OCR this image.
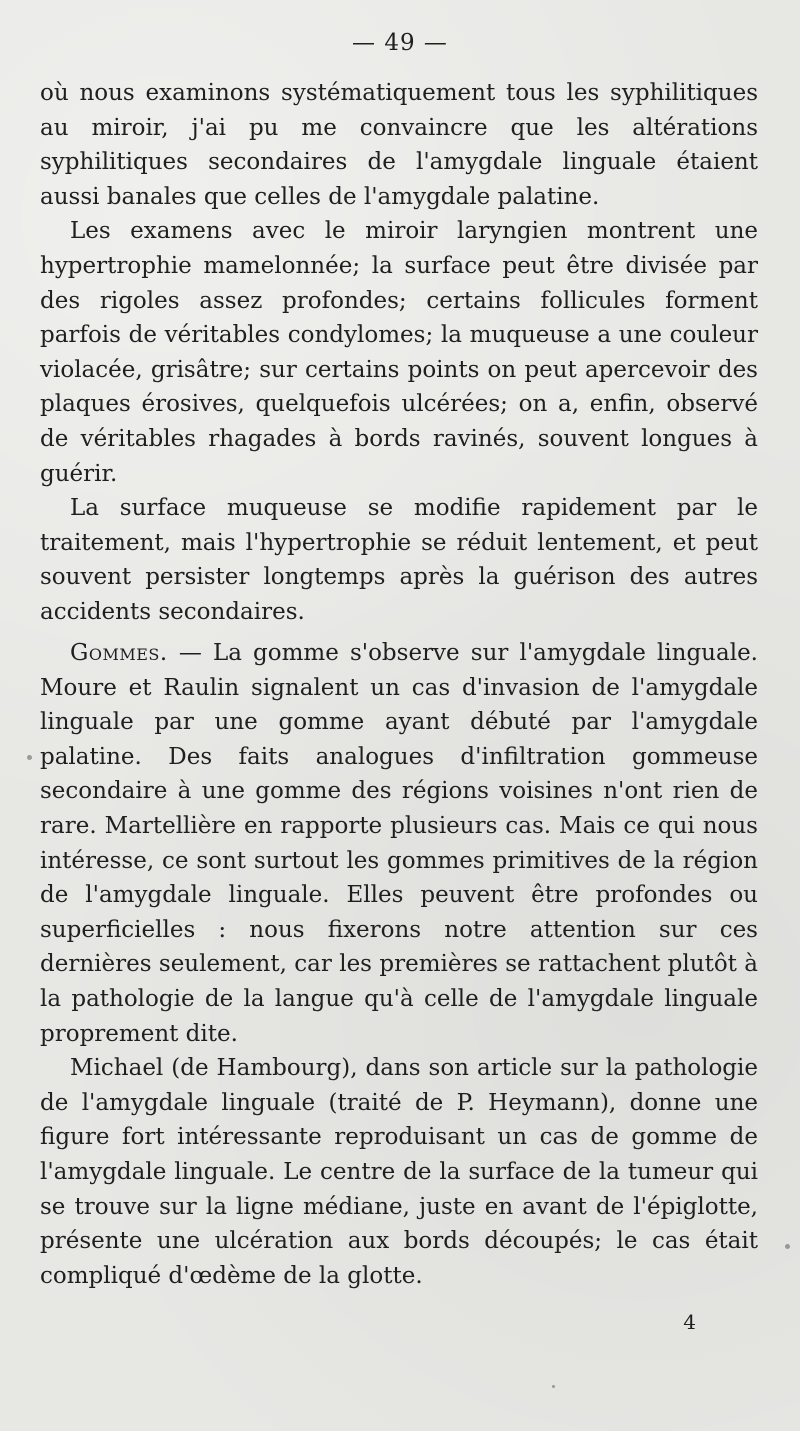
— 49 —

où nous examinons systématiquement tous les syphilitiques au miroir, j'ai pu me convaincre que les altérations syphilitiques secondaires de l'amygdale linguale étaient aussi banales que celles de l'amygdale palatine.

Les examens avec le miroir laryngien montrent une hypertrophie mamelonnée; la surface peut être divisée par des rigoles assez profondes; certains follicules forment parfois de véritables condylomes; la muqueuse a une couleur violacée, grisâtre; sur certains points on peut apercevoir des plaques érosives, quelquefois ulcérées; on a, enfin, observé de véritables rhagades à bords ravinés, souvent longues à guérir.

La surface muqueuse se modifie rapidement par le traitement, mais l'hypertrophie se réduit lentement, et peut souvent persister longtemps après la guérison des autres accidents secondaires.

Gommes. — La gomme s'observe sur l'amygdale linguale. Moure et Raulin signalent un cas d'invasion de l'amygdale linguale par une gomme ayant débuté par l'amygdale palatine. Des faits analogues d'infiltration gommeuse secondaire à une gomme des régions voisines n'ont rien de rare. Martellière en rapporte plusieurs cas. Mais ce qui nous intéresse, ce sont surtout les gommes primitives de la région de l'amygdale linguale. Elles peuvent être profondes ou superficielles : nous fixerons notre attention sur ces dernières seulement, car les premières se rattachent plutôt à la pathologie de la langue qu'à celle de l'amygdale linguale proprement dite.

Michael (de Hambourg), dans son article sur la pathologie de l'amygdale linguale (traité de P. Heymann), donne une figure fort intéressante reproduisant un cas de gomme de l'amygdale linguale. Le centre de la surface de la tumeur qui se trouve sur la ligne médiane, juste en avant de l'épiglotte, présente une ulcération aux bords découpés; le cas était compliqué d'œdème de la glotte.

4
